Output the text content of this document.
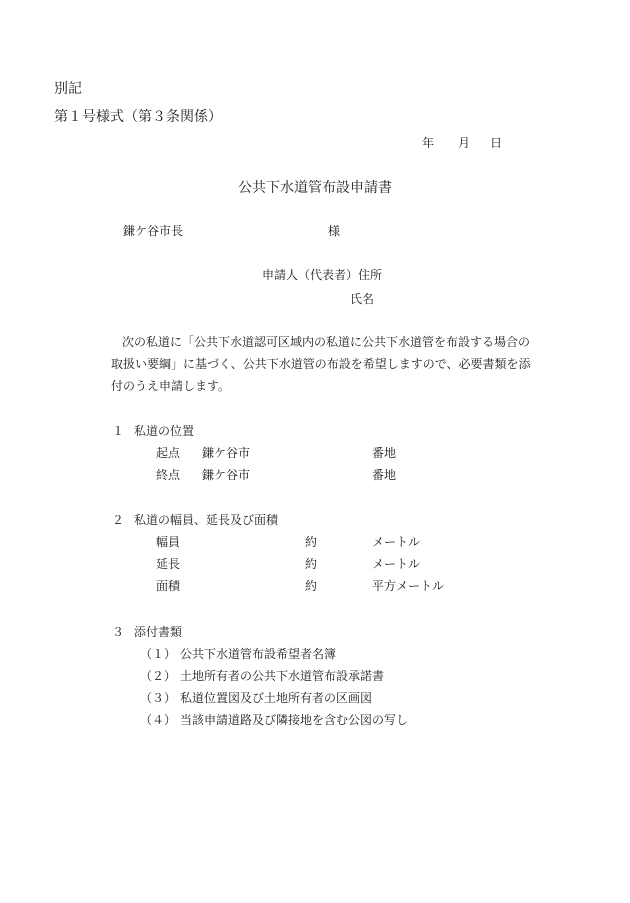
別記
第１号様式（第３条関係）
年 月 日
公共下水道管布設申請書
鎌ケ谷市長	様
申請人（代表者）住所
氏名
次の私道に「公共下水道認可区域内の私道に公共下水道管を布設する場合の
取扱い要綱」に基づく、公共下水道管の布設を希望しますので、必要書類を添
付のうえ申請します。
１ 私道の位置
起点 鎌ケ谷市	番地
終点 鎌ケ谷市	番地
２ 私道の幅員、延長及び面積
幅員	約	メートル
延長	約	メートル
面積	約	平方メートル
３ 添付書類
（１） 公共下水道管布設希望者名簿
（２） 土地所有者の公共下水道管布設承諾書
（３） 私道位置図及び土地所有者の区画図
（４） 当該申請道路及び隣接地を含む公図の写し
